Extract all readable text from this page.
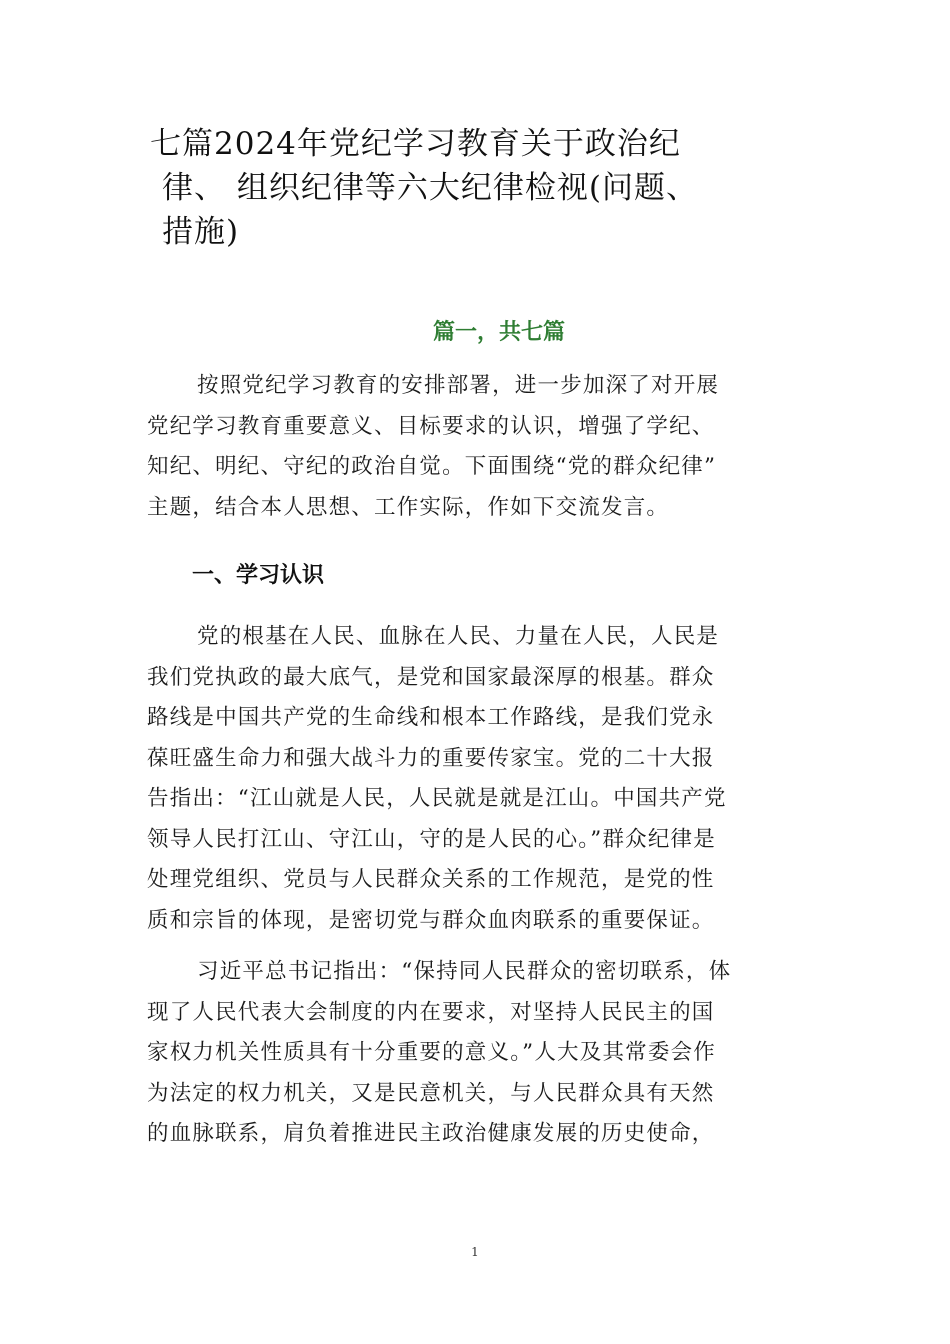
七篇2024年党纪学习教育关于政治纪
律、 组织纪律等六大纪律检视(问题、
措施)
篇一，共七篇

按照党纪学习教育的安排部署，进一步加深了对开展
党纪学习教育重要意义、目标要求的认识，增强了学纪、
知纪、明纪、守纪的政治自觉。下面围绕“党的群众纪律”
主题，结合本人思想、工作实际，作如下交流发言。

一、学习认识

党的根基在人民、血脉在人民、力量在人民，人民是
我们党执政的最大底气，是党和国家最深厚的根基。群众
路线是中国共产党的生命线和根本工作路线，是我们党永
葆旺盛生命力和强大战斗力的重要传家宝。党的二十大报
告指出：“江山就是人民，人民就是就是江山。中国共产党
领导人民打江山、守江山，守的是人民的心。”群众纪律是
处理党组织、党员与人民群众关系的工作规范，是党的性
质和宗旨的体现，是密切党与群众血肉联系的重要保证。

习近平总书记指出：“保持同人民群众的密切联系，体
现了人民代表大会制度的内在要求，对坚持人民民主的国
家权力机关性质具有十分重要的意义。”人大及其常委会作
为法定的权力机关，又是民意机关，与人民群众具有天然
的血脉联系，肩负着推进民主政治健康发展的历史使命，

1
